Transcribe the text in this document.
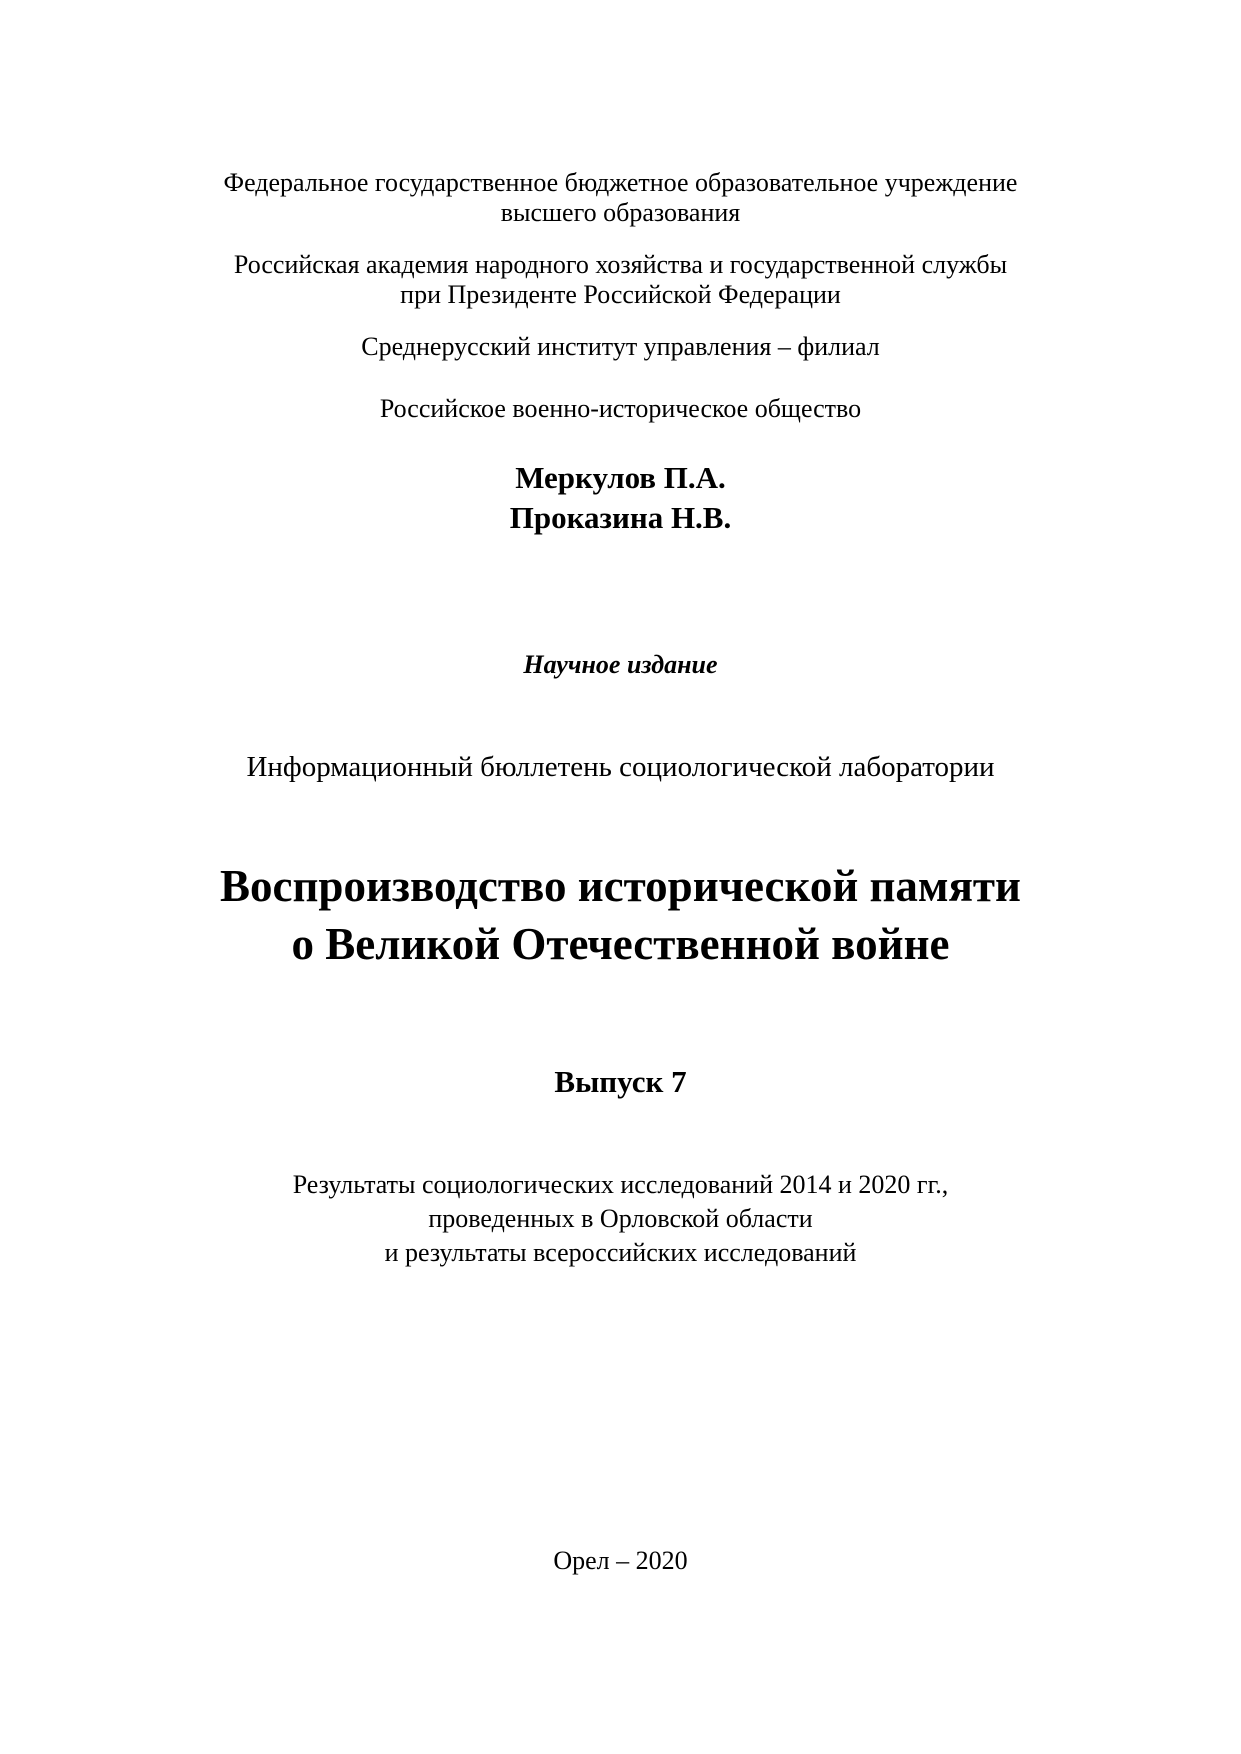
Федеральное государственное бюджетное образовательное учреждение
высшего образования
Российская академия народного хозяйства и государственной службы
при Президенте Российской Федерации
Среднерусский институт управления – филиал
Российское военно-историческое общество
Меркулов П.А.
Проказина Н.В.
Научное издание
Информационный бюллетень социологической лаборатории
Воспроизводство исторической памяти
о Великой Отечественной войне
Выпуск 7
Результаты социологических исследований 2014 и 2020 гг.,
проведенных в Орловской области
и результаты всероссийских исследований
Орел – 2020
